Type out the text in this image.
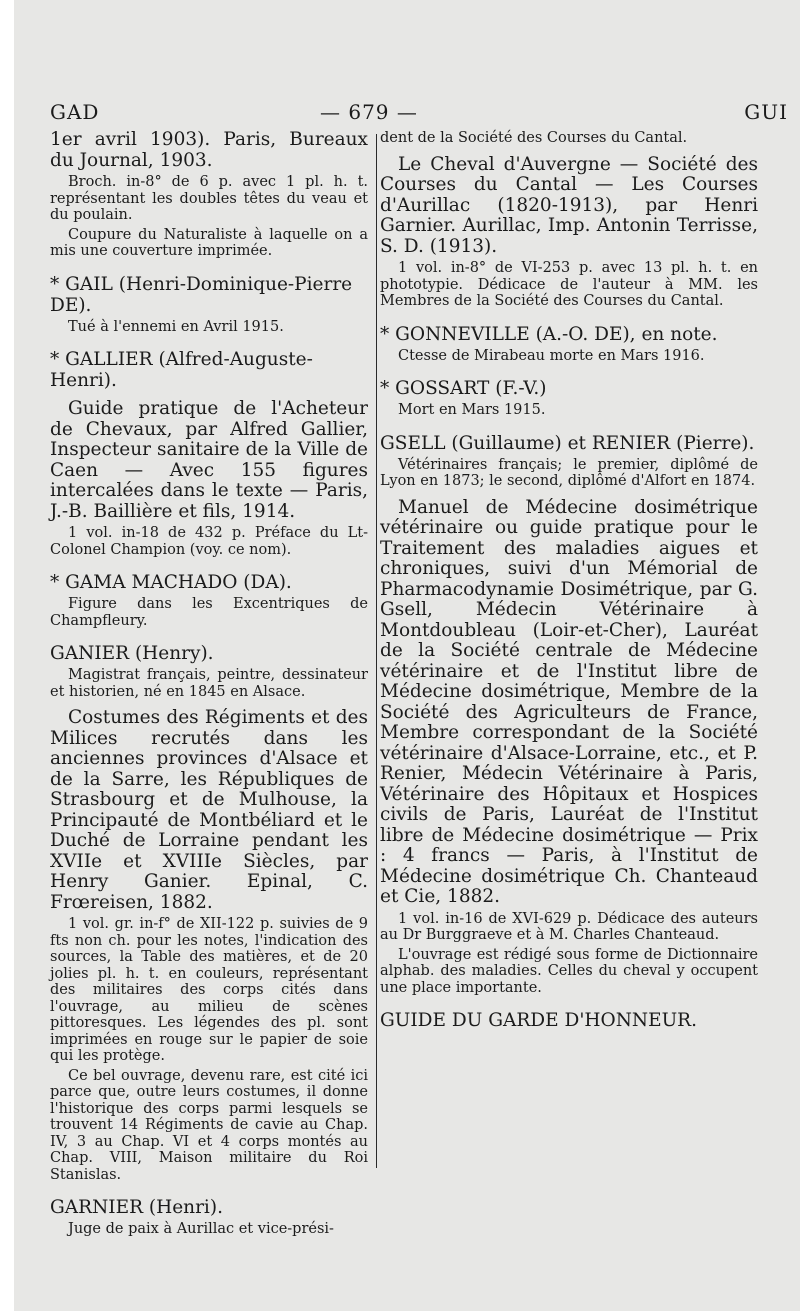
GAD	— 679 —	GUI

1er avril 1903). Paris, Bureaux du Journal, 1903.

Broch. in-8° de 6 p. avec 1 pl. h. t. représentant les doubles têtes du veau et du poulain.

Coupure du Naturaliste à laquelle on a mis une couverture imprimée.

* GAIL (Henri-Dominique-Pierre DE).

Tué à l'ennemi en Avril 1915.

* GALLIER (Alfred-Auguste-Henri).

Guide pratique de l'Acheteur de Chevaux, par Alfred Gallier, Inspecteur sanitaire de la Ville de Caen — Avec 155 figures intercalées dans le texte — Paris, J.-B. Baillière et fils, 1914.

1 vol. in-18 de 432 p. Préface du Lt-Colonel Champion (voy. ce nom).

* GAMA MACHADO (DA).

Figure dans les Excentriques de Champfleury.

GANIER (Henry).

Magistrat français, peintre, dessinateur et historien, né en 1845 en Alsace.

Costumes des Régiments et des Milices recrutés dans les anciennes provinces d'Alsace et de la Sarre, les Républiques de Strasbourg et de Mulhouse, la Principauté de Montbéliard et le Duché de Lorraine pendant les XVIIe et XVIIIe Siècles, par Henry Ganier. Epinal, C. Frœreisen, 1882.

1 vol. gr. in-f° de XII-122 p. suivies de 9 fts non ch. pour les notes, l'indication des sources, la Table des matières, et de 20 jolies pl. h. t. en couleurs, représentant des militaires des corps cités dans l'ouvrage, au milieu de scènes pittoresques. Les légendes des pl. sont imprimées en rouge sur le papier de soie qui les protège.

Ce bel ouvrage, devenu rare, est cité ici parce que, outre leurs costumes, il donne l'historique des corps parmi lesquels se trouvent 14 Régiments de cavie au Chap. IV, 3 au Chap. VI et 4 corps montés au Chap. VIII, Maison militaire du Roi Stanislas.

GARNIER (Henri).

Juge de paix à Aurillac et vice-prési-

dent de la Société des Courses du Cantal.

Le Cheval d'Auvergne — Société des Courses du Cantal — Les Courses d'Aurillac (1820-1913), par Henri Garnier. Aurillac, Imp. Antonin Terrisse, S. D. (1913).

1 vol. in-8° de VI-253 p. avec 13 pl. h. t. en phototypie. Dédicace de l'auteur à MM. les Membres de la Société des Courses du Cantal.

* GONNEVILLE (A.-O. DE), en note.

Ctesse de Mirabeau morte en Mars 1916.

* GOSSART (F.-V.)

Mort en Mars 1915.

GSELL (Guillaume) et RENIER (Pierre).

Vétérinaires français; le premier, diplômé de Lyon en 1873; le second, diplômé d'Alfort en 1874.

Manuel de Médecine dosimétrique vétérinaire ou guide pratique pour le Traitement des maladies aigues et chroniques, suivi d'un Mémorial de Pharmacodynamie Dosimétrique, par G. Gsell, Médecin Vétérinaire à Montdoubleau (Loir-et-Cher), Lauréat de la Société centrale de Médecine vétérinaire et de l'Institut libre de Médecine dosimétrique, Membre de la Société des Agriculteurs de France, Membre correspondant de la Société vétérinaire d'Alsace-Lorraine, etc., et P. Renier, Médecin Vétérinaire à Paris, Vétérinaire des Hôpitaux et Hospices civils de Paris, Lauréat de l'Institut libre de Médecine dosimétrique — Prix : 4 francs — Paris, à l'Institut de Médecine dosimétrique Ch. Chanteaud et Cie, 1882.

1 vol. in-16 de XVI-629 p. Dédicace des auteurs au Dr Burggraeve et à M. Charles Chanteaud.

L'ouvrage est rédigé sous forme de Dictionnaire alphab. des maladies. Celles du cheval y occupent une place importante.

GUIDE DU GARDE D'HONNEUR.
